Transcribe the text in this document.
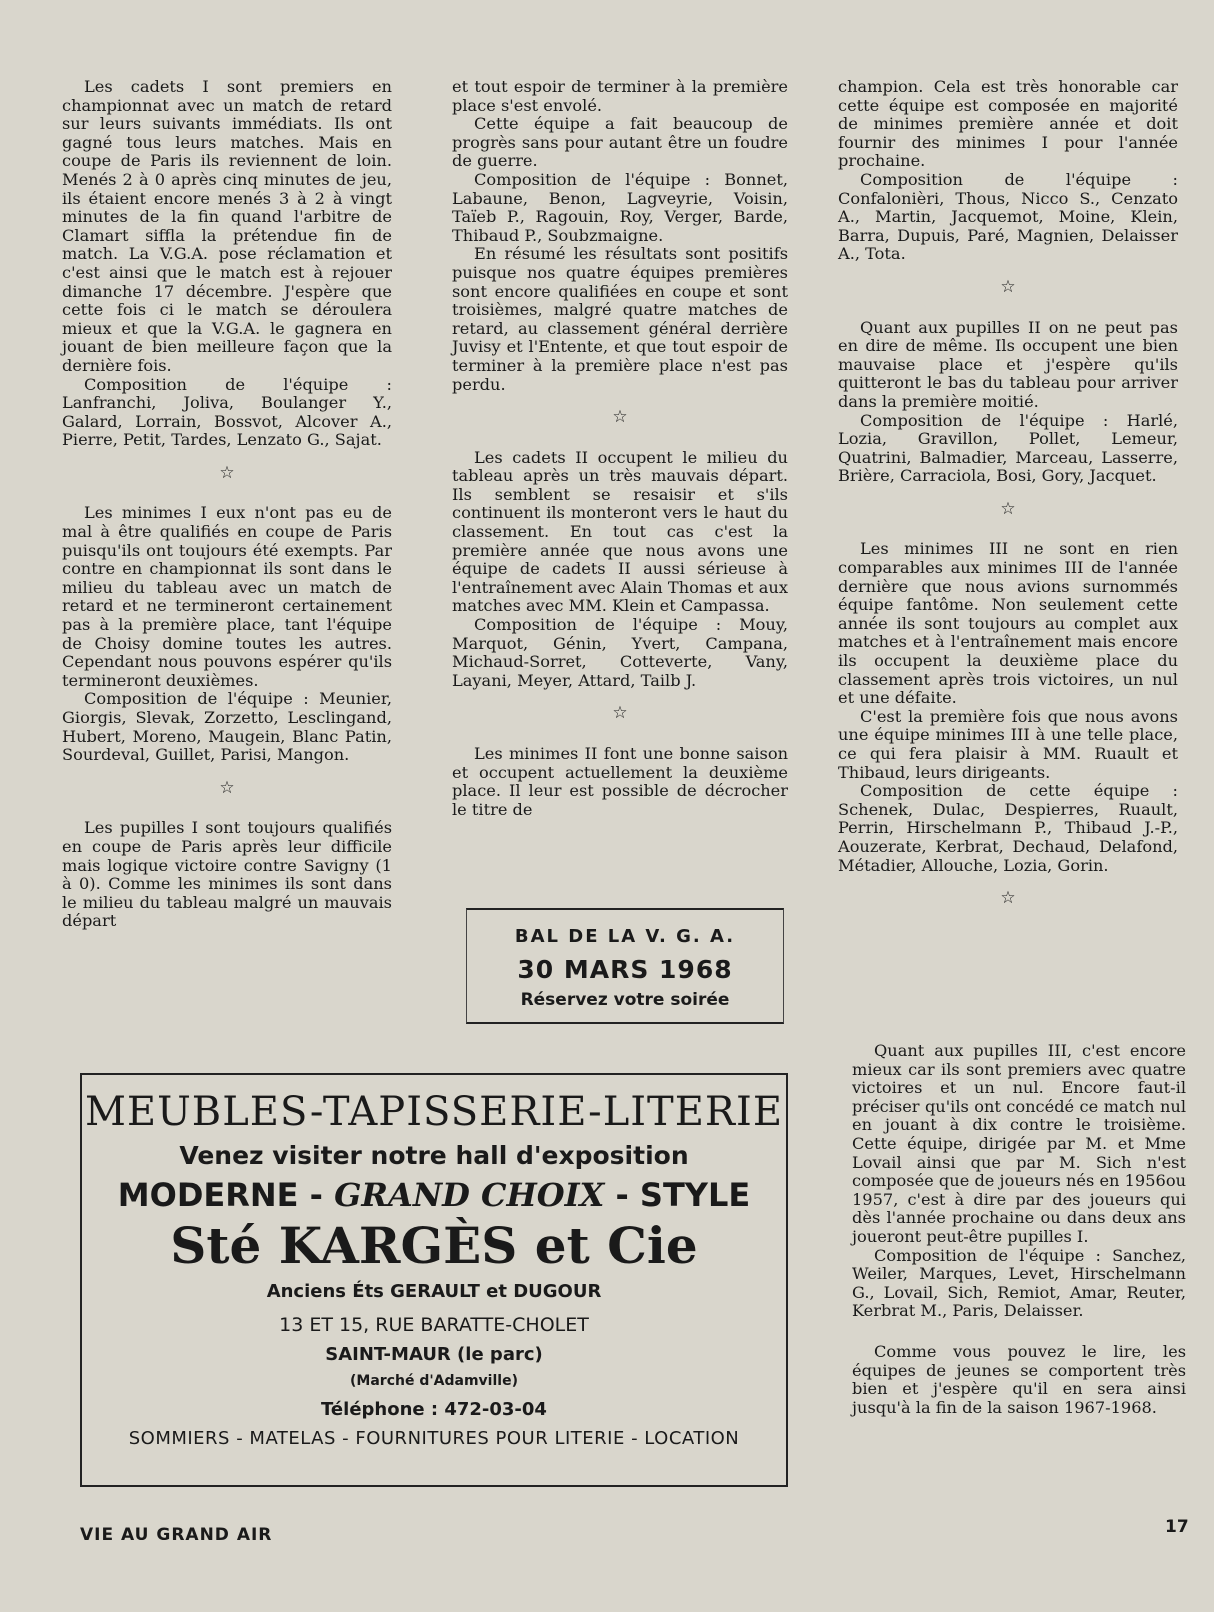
Les cadets I sont premiers en championnat avec un match de retard sur leurs suivants immédiats. Ils ont gagné tous leurs matches. Mais en coupe de Paris ils reviennent de loin. Menés 2 à 0 après cinq minutes de jeu, ils étaient encore menés 3 à 2 à vingt minutes de la fin quand l'arbitre de Clamart siffla la prétendue fin de match. La V.G.A. pose réclamation et c'est ainsi que le match est à rejouer dimanche 17 décembre. J'espère que cette fois ci le match se déroulera mieux et que la V.G.A. le gagnera en jouant de bien meilleure façon que la dernière fois.

Composition de l'équipe : Lanfranchi, Joliva, Boulanger Y., Galard, Lorrain, Bossvot, Alcover A., Pierre, Petit, Tardes, Lenzato G., Sajat.

☆

Les minimes I eux n'ont pas eu de mal à être qualifiés en coupe de Paris puisqu'ils ont toujours été exempts. Par contre en championnat ils sont dans le milieu du tableau avec un match de retard et ne termineront certainement pas à la première place, tant l'équipe de Choisy domine toutes les autres. Cependant nous pouvons espérer qu'ils termineront deuxièmes.

Composition de l'équipe : Meunier, Giorgis, Slevak, Zorzetto, Lesclingand, Hubert, Moreno, Maugein, Blanc Patin, Sourdeval, Guillet, Parisi, Mangon.

☆

Les pupilles I sont toujours qualifiés en coupe de Paris après leur difficile mais logique victoire contre Savigny (1 à 0). Comme les minimes ils sont dans le milieu du tableau malgré un mauvais départ

et tout espoir de terminer à la première place s'est envolé.

Cette équipe a fait beaucoup de progrès sans pour autant être un foudre de guerre.

Composition de l'équipe : Bonnet, Labaune, Benon, Lagveyrie, Voisin, Taïeb P., Ragouin, Roy, Verger, Barde, Thibaud P., Soubzmaigne.

En résumé les résultats sont positifs puisque nos quatre équipes premières sont encore qualifiées en coupe et sont troisièmes, malgré quatre matches de retard, au classement général derrière Juvisy et l'Entente, et que tout espoir de terminer à la première place n'est pas perdu.

☆

Les cadets II occupent le milieu du tableau après un très mauvais départ. Ils semblent se resaisir et s'ils continuent ils monteront vers le haut du classement. En tout cas c'est la première année que nous avons une équipe de cadets II aussi sérieuse à l'entraînement avec Alain Thomas et aux matches avec MM. Klein et Campassa.

Composition de l'équipe : Mouy, Marquot, Génin, Yvert, Campana, Michaud-Sorret, Cotteverte, Vany, Layani, Meyer, Attard, Tailb J.

☆

Les minimes II font une bonne saison et occupent actuellement la deuxième place. Il leur est possible de décrocher le titre de

BAL DE LA V. G. A.
30 MARS 1968
Réservez votre soirée

champion. Cela est très honorable car cette équipe est composée en majorité de minimes première année et doit fournir des minimes I pour l'année prochaine.

Composition de l'équipe : Confalonièri, Thous, Nicco S., Cenzato A., Martin, Jacquemot, Moine, Klein, Barra, Dupuis, Paré, Magnien, Delaisser A., Tota.

☆

Quant aux pupilles II on ne peut pas en dire de même. Ils occupent une bien mauvaise place et j'espère qu'ils quitteront le bas du tableau pour arriver dans la première moitié.

Composition de l'équipe : Harlé, Lozia, Gravillon, Pollet, Lemeur, Quatrini, Balmadier, Marceau, Lasserre, Brière, Carraciola, Bosi, Gory, Jacquet.

☆

Les minimes III ne sont en rien comparables aux minimes III de l'année dernière que nous avions surnommés équipe fantôme. Non seulement cette année ils sont toujours au complet aux matches et à l'entraînement mais encore ils occupent la deuxième place du classement après trois victoires, un nul et une défaite.

C'est la première fois que nous avons une équipe minimes III à une telle place, ce qui fera plaisir à MM. Ruault et Thibaud, leurs dirigeants.

Composition de cette équipe : Schenek, Dulac, Despierres, Ruault, Perrin, Hirschelmann P., Thibaud J.-P., Aouzerate, Kerbrat, Dechaud, Delafond, Métadier, Allouche, Lozia, Gorin.

☆

Quant aux pupilles III, c'est encore mieux car ils sont premiers avec quatre victoires et un nul. Encore faut-il préciser qu'ils ont concédé ce match nul en jouant à dix contre le troisième. Cette équipe, dirigée par M. et Mme Lovail ainsi que par M. Sich n'est composée que de joueurs nés en 1956ou 1957, c'est à dire par des joueurs qui dès l'année prochaine ou dans deux ans joueront peut-être pupilles I.

Composition de l'équipe : Sanchez, Weiler, Marques, Levet, Hirschelmann G., Lovail, Sich, Remiot, Amar, Reuter, Kerbrat M., Paris, Delaisser.

Comme vous pouvez le lire, les équipes de jeunes se comportent très bien et j'espère qu'il en sera ainsi jusqu'à la fin de la saison 1967-1968.

MEUBLES-TAPISSERIE-LITERIE
Venez visiter notre hall d'exposition
MODERNE - GRAND CHOIX - STYLE
Sté KARGÈS et Cie
Anciens Éts GERAULT et DUGOUR
13 ET 15, RUE BARATTE-CHOLET
SAINT-MAUR (le parc)
(Marché d'Adamville)
Téléphone : 472-03-04
SOMMIERS - MATELAS - FOURNITURES POUR LITERIE - LOCATION
VIE AU GRAND AIR	17
